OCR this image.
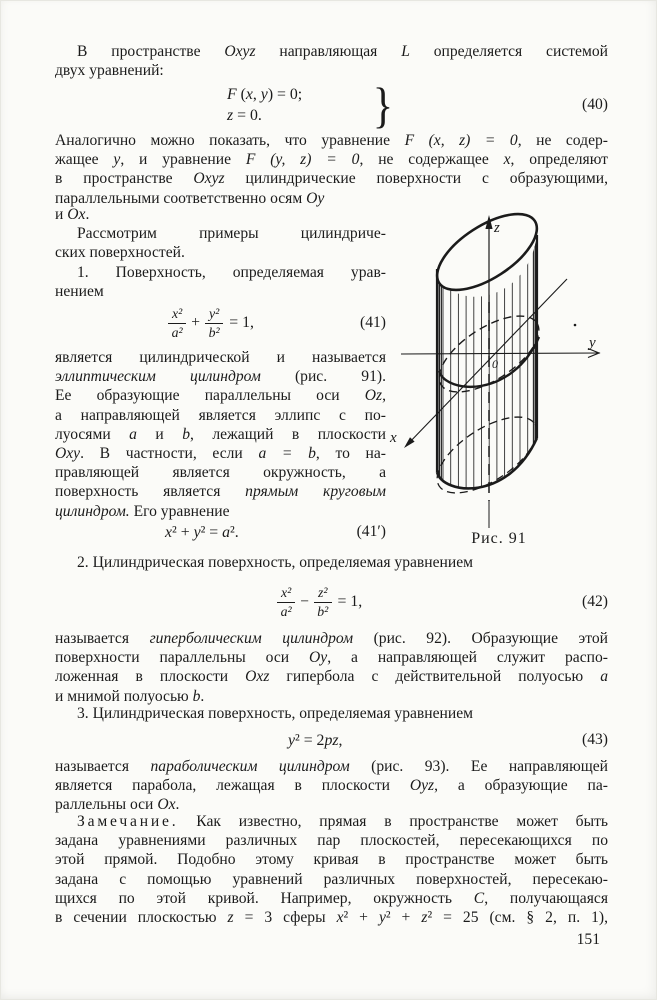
В пространстве Oxyz направляющая L определяется системой
двух уравнений:
F (x, y) = 0;
z = 0.	}	(40)
Аналогично можно показать, что уравнение F (x, z) = 0, не содер-
жащее y, и уравнение F (y, z) = 0, не содержащее x, определяют
в пространстве Oxyz цилиндрические поверхности с образующими,
параллельными соответственно осям Oy
и Ox.
Рассмотрим примеры цилиндриче-
ских поверхностей.
1. Поверхность, определяемая урав-
нением
$\frac{\text{x²}}{\text{a²}} + \frac{\text{y²}}{\text{b²}} = 1$,	(41)
является цилиндрической и называется
эллиптическим цилиндром (рис. 91).
Ее образующие параллельны оси Oz,
а направляющей является эллипс с по-
луосями a и b, лежащий в плоскости
Oxy. В частности, если a = b, то на-
правляющей является окружность, а
поверхность является прямым круговым
цилиндром. Его уравнение
x² + y² = a².	(41′)
z
y
x
0
Рис. 91
2. Цилиндрическая поверхность, определяемая уравнением
$\frac{\text{x²}}{\text{a²}} - \frac{\text{z²}}{\text{b²}} = 1$,	(42)
называется гиперболическим цилиндром (рис. 92). Образующие этой
поверхности параллельны оси Oy, а направляющей служит распо-
ложенная в плоскости Oxz гипербола с действительной полуосью a
и мнимой полуосью b.
3. Цилиндрическая поверхность, определяемая уравнением
y² = 2pz,	(43)
называется параболическим цилиндром (рис. 93). Ее направляющей
является парабола, лежащая в плоскости Oyz, а образующие па-
раллельны оси Ox.
Замечание. Как известно, прямая в пространстве может быть
задана уравнениями различных пар плоскостей, пересекающихся по
этой прямой. Подобно этому кривая в пространстве может быть
задана с помощью уравнений различных поверхностей, пересекаю-
щихся по этой кривой. Например, окружность C, получающаяся
в сечении плоскостью z = 3 сферы x² + y² + z² = 25 (см. § 2, п. 1),
151
